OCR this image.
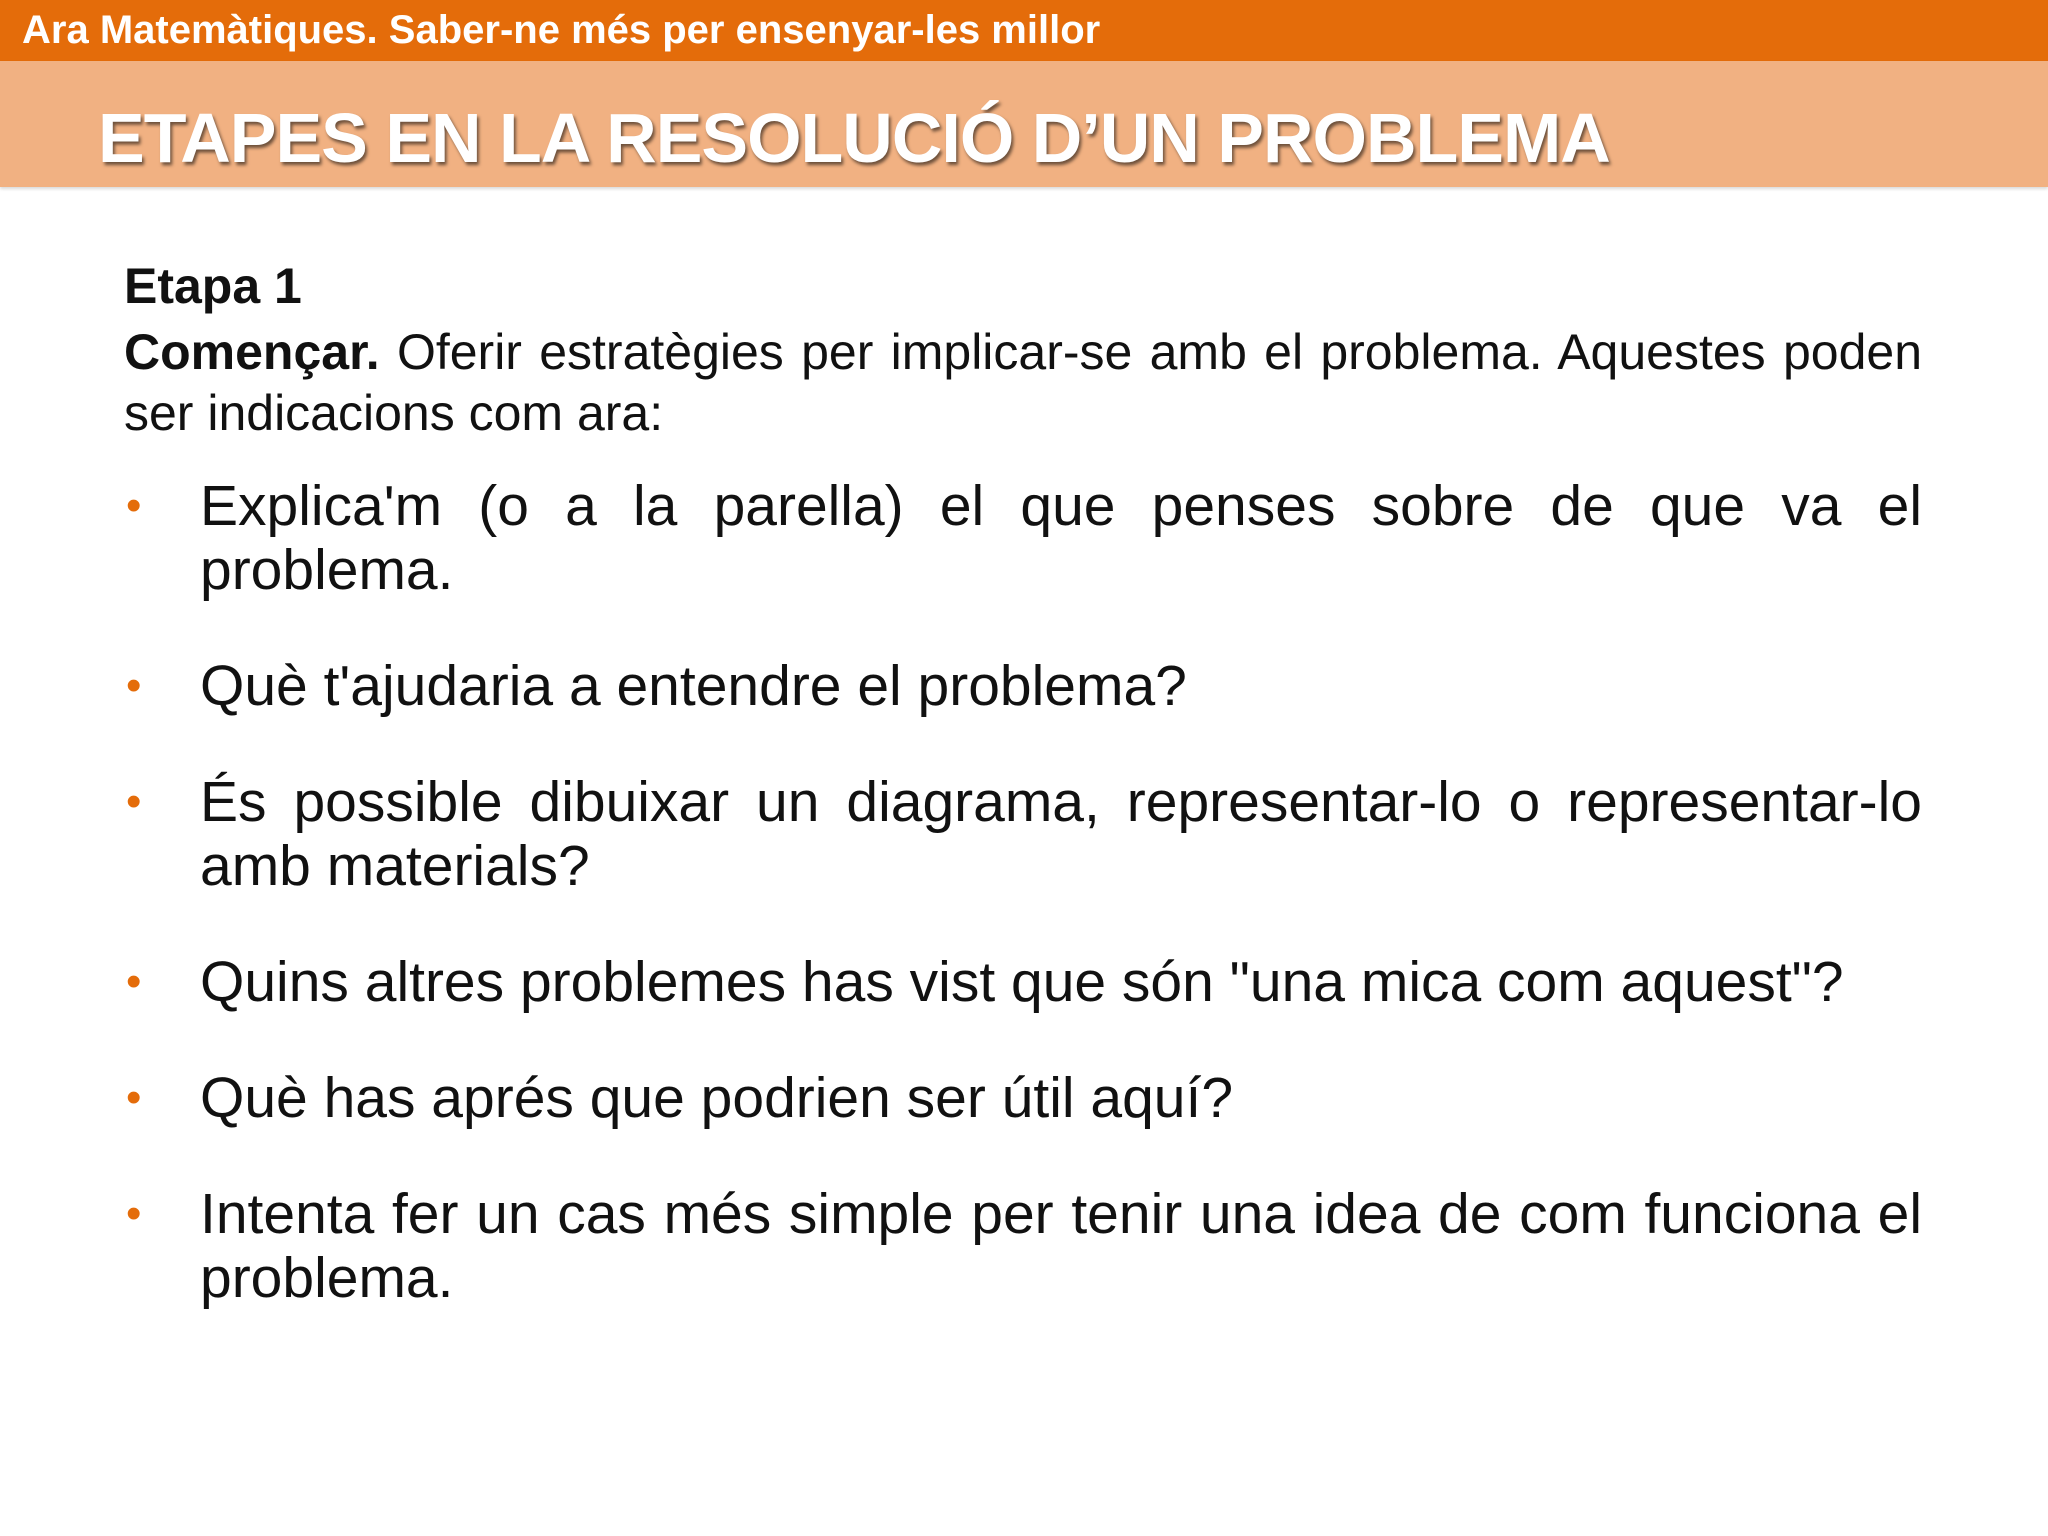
Ara Matemàtiques. Saber-ne més per ensenyar-les millor
ETAPES EN LA RESOLUCIÓ D’UN PROBLEMA

Etapa 1

Començar. Oferir estratègies per implicar-se amb el problema. Aquestes poden ser indicacions com ara:

• Explica'm (o a la parella) el que penses sobre de que va el problema.
• Què t'ajudaria a entendre el problema?
• És possible dibuixar un diagrama, representar-lo o representar-lo amb materials?
• Quins altres problemes has vist que són "una mica com aquest"?
• Què has aprés que podrien ser útil aquí?
• Intenta fer un cas més simple per tenir una idea de com funciona el problema.
